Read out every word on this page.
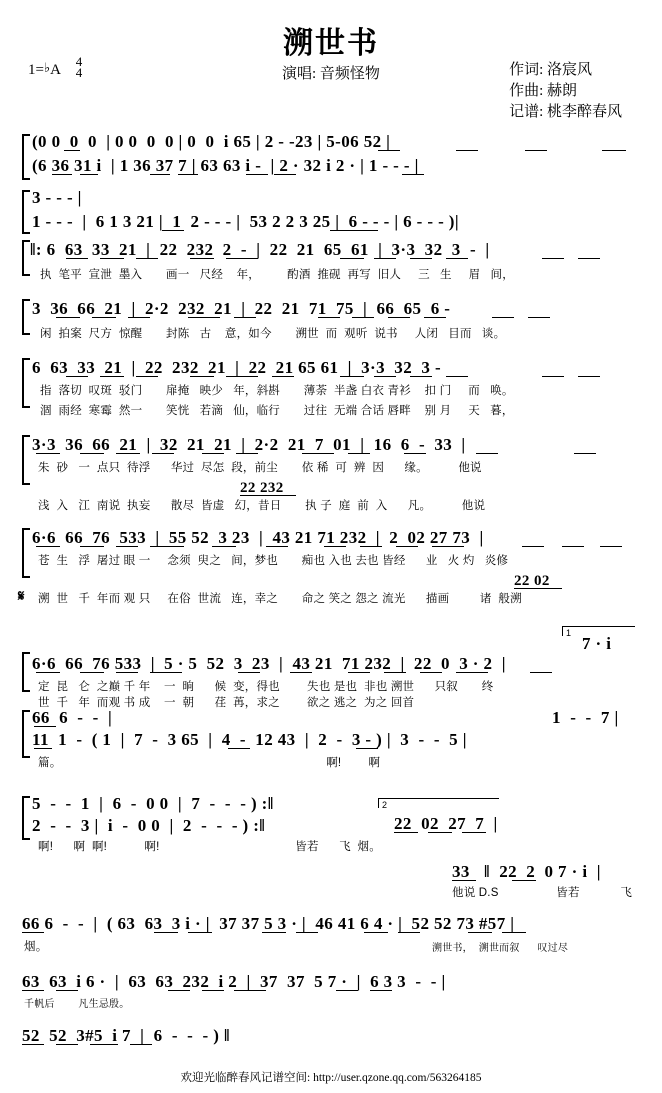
溯世书
1=♭A
4
4	演唱: 音频怪物	作词: 洛宸风
作曲: 赫朗
记谱: 桃李醉春风
(0 0  0  0  | 0 0  0  0 | 0  0  i 65 | 2 - -23 | 5-06 52 |
(6 36 31 i  | 1 36 37 7 | 63 63 i -  | 2 · 32 i 2 · | 1 - - - |
3 - - - |
1 - - -  |  6 1 3 21 |  1  2 - - - |  53 2 2 3 25 |  6 - - - | 6 - - - )|
‖: 6  63  33  21  |  22  232  2  -  |  22  21  65  61  |  3·3  32  3  -  |
执  笔平  宣泄  墨入       画一   尺经    年，        酌酒  推砚  再写  旧人     三   生     眉   间，
3  36  66  21  |  2·2  232  21  |  22  21  71  75  |  66  65  6 -
闲  拍案  尺方  惊醒       封陈   古    意，如今       溯世  而  观听  说书     人闭   目而   谈。
6  63  33  21  |  22  232  21  |  22  21 65 61  |  3·3  32  3 -
指  落切  叹斑  驳门       扉掩   映少   年，斜斟       薄荼  半盏 白衣 青衫    扣 门     而   唤。
涸  雨经  寒霉  然一       笑恍   若滴   仙，临行       过往  无端 合话 唇畔    别 月     天   暮，
3·3  36  66  21  |  32  21  21  |  2·2  21  7  01  |  16  6  -  33  |
朱  砂   一  点只  待浮      华过  尽怎  段，前尘       依 稀  可  辨  因      缘。         他说
22 232
浅  入   江  南说  执妄      散尽  皆虚   幻，昔日       执 子  庭  前  入      凡。         他说
6·6  66  76  533  |  55 52  3 23  |  43 21 71 232  |  2  02 27 73  |
苍  生   浮  屠过 眼 一     念须  臾之   间，梦也       痴也 入也 去也 皆经      业   火 灼   炎修
22 02
𝄋 溯  世   千  年而 观 只     在俗  世流   连，幸之       命之 笑之 怨之 流光      描画         诸  般溯
1
7 · i
6·6  66  76 533  |  5 · 5  52  3  23  |  43 21  71 232  |  22  0  3 · 2  |
定  昆   仑  之巅 千 年    一  晌      候  变，得也        失也 是也  非也 溯世      只叙       终
世  千   年  而观 书 成    一  朝      荏  苒，求之        欲之 逃之  为之 回首
66  6  -  -  |	1  -  -  7 |
11  1  -  ( 1  |  7  -  3 65  |  4  -  12 43  |  2  -  3 - ) |  3  -  -  5 |
篇。                                                                              啊!        啊
5  -  -  1  |  6  -  0 0  |  7  -  -  - ) :‖
2  -  -  3 |  i  -  0 0  |  2  -  -  - ) :‖
2
22  02  27  7  |
啊!      啊  啊!           啊!                                        皆若      飞  烟。
33 ‖  22  2  0 7 · i  |
他说 D.S                 皆若            飞
66 6  -  -  |  ( 63  63  3 i · |  37 37 5 3 · |  46 41 6 4 · |  52 52 73 #57 |
烟。	溯世书，  溯世而叙      叹过尽
63  63  i 6 ·  |  63  63  232  i 2  |  37  37  5 7 ·  |  6 3 3  -  - |
千帆后        凡生忌殷。
52  52  3#5  i 7  |  6  -  -  - ) ‖
欢迎光临醉春风记谱空间: http://user.qzone.qq.com/563264185
